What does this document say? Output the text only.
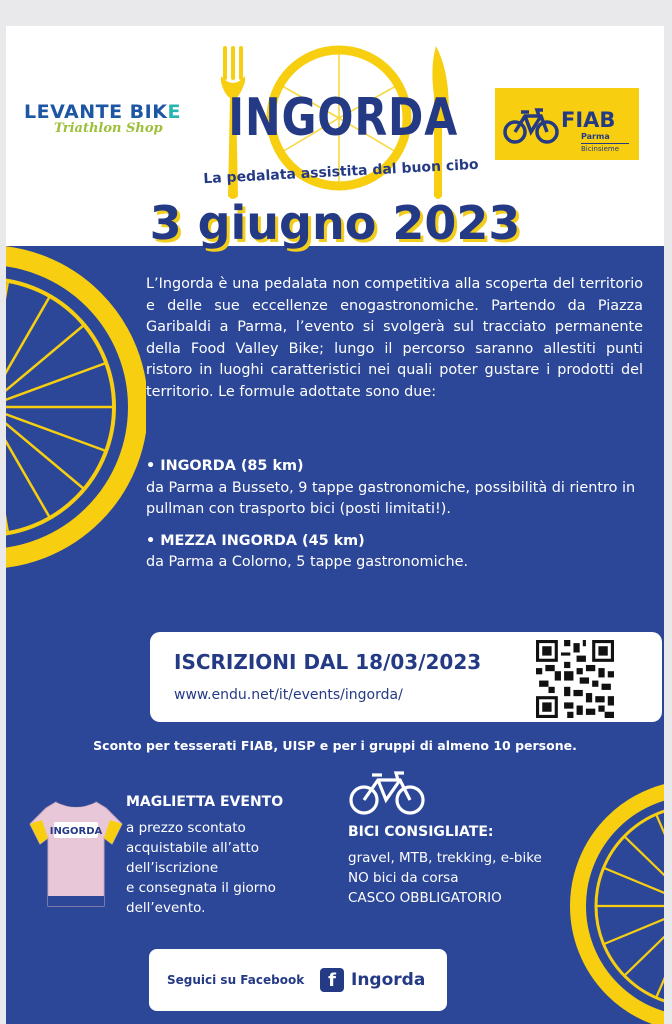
LEVANTE BIKE
Triathlon Shop	INGORDA
La pedalata assistita dal buon cibo
FIAB
Parma
Bicinsieme
3 giugno 2023
L’Ingorda è una pedalata non competitiva alla scoperta del territorio e delle sue eccellenze enogastronomiche. Partendo da Piazza Garibaldi a Parma, l’evento si svolgerà sul tracciato permanente della Food Valley Bike; lungo il percorso saranno allestiti punti ristoro in luoghi caratteristici nei quali poter gustare i prodotti del territorio. Le formule adottate sono due:
• INGORDA (85 km)
da Parma a Busseto, 9 tappe gastronomiche, possibilità di rientro in pullman con trasporto bici (posti limitati!).
• MEZZA INGORDA (45 km)
da Parma a Colorno, 5 tappe gastronomiche.
ISCRIZIONI DAL 18/03/2023
www.endu.net/it/events/ingorda/
Sconto per tesserati FIAB, UISP e per i gruppi di almeno 10 persone.
INGORDA
MAGLIETTA EVENTO
a prezzo scontato
acquistabile all’atto
dell’iscrizione
e consegnata il giorno
dell’evento.
BICI CONSIGLIATE:
gravel, MTB, trekking, e-bike
NO bici da corsa
CASCO OBBLIGATORIO
Seguici su Facebook	f Ingorda
